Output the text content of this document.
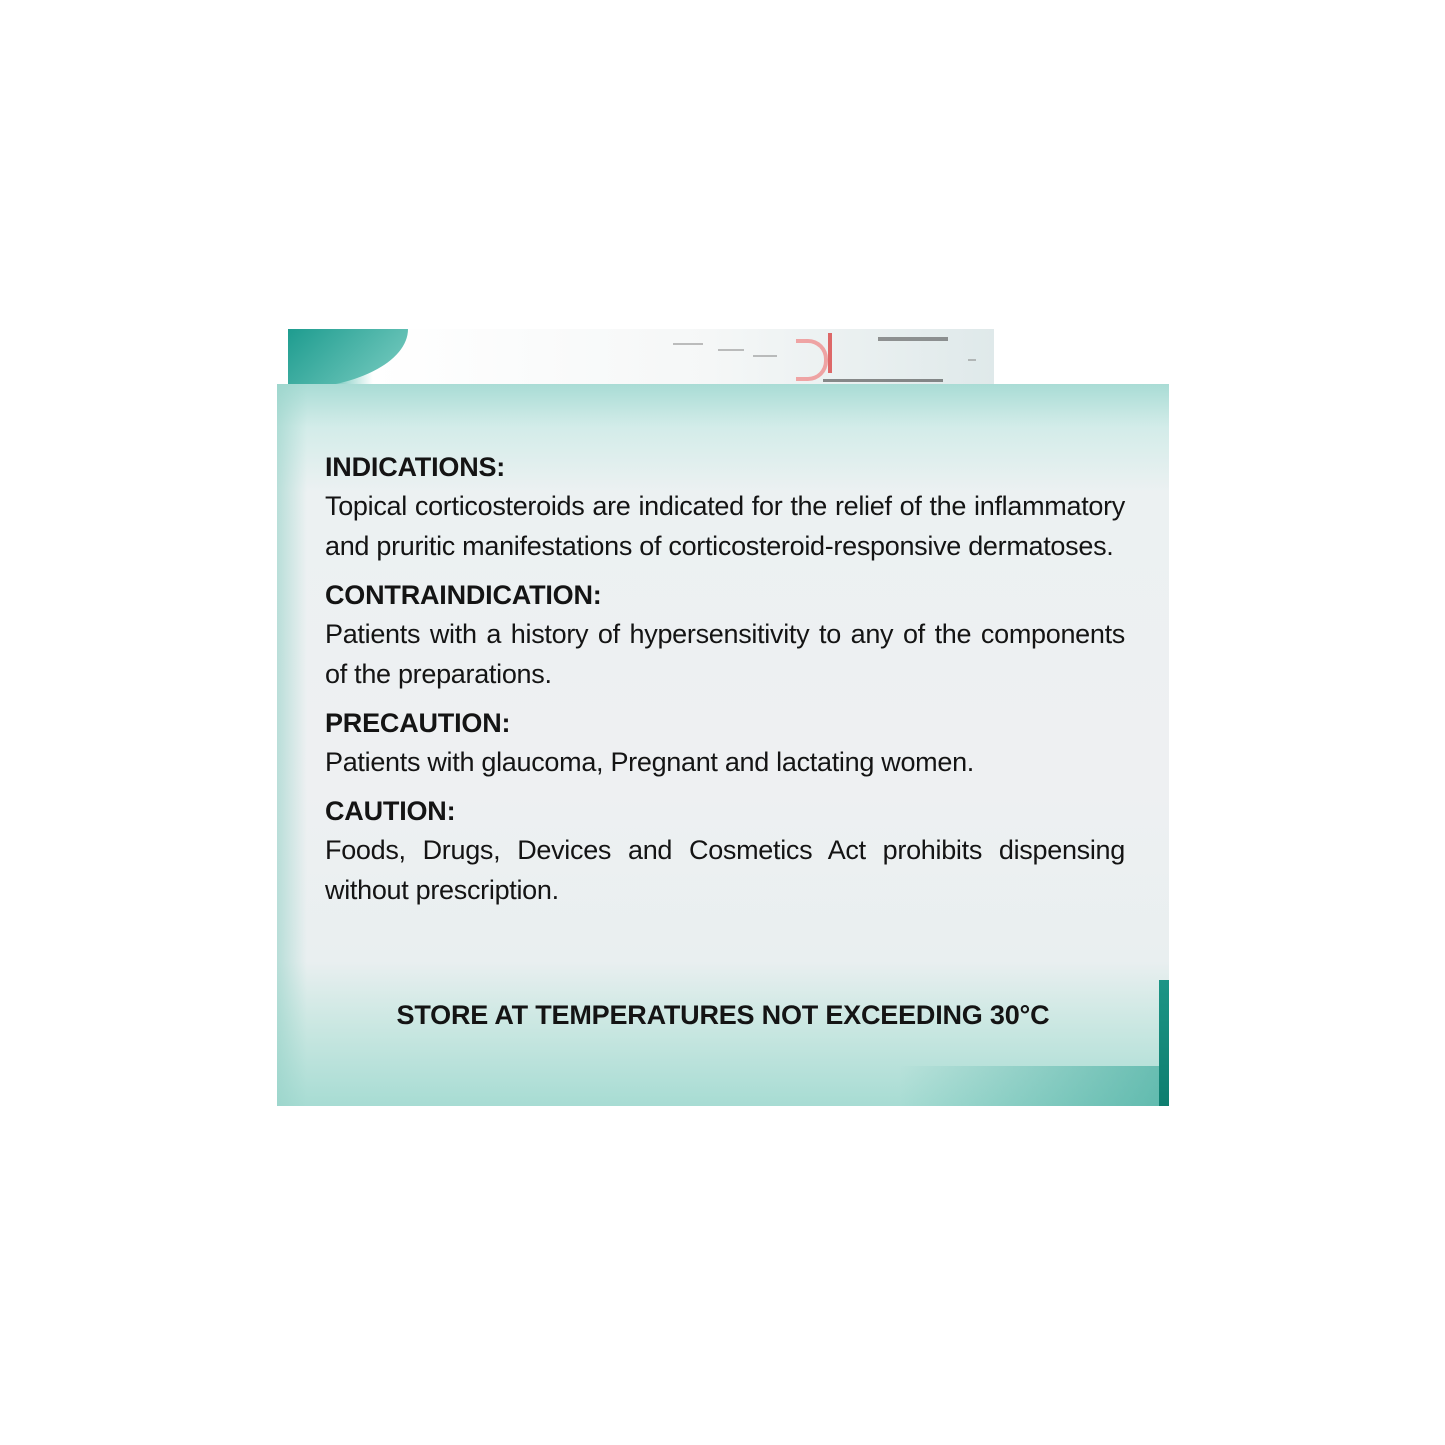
INDICATIONS:

Topical corticosteroids are indicated for the relief of the inflammatory and pruritic manifestations of corticosteroid-responsive dermatoses.

CONTRAINDICATION:

Patients with a history of hypersensitivity to any of the components of the preparations.

PRECAUTION:

Patients with glaucoma, Pregnant and lactating women.

CAUTION:

Foods, Drugs, Devices and Cosmetics Act prohibits dispensing without prescription.

STORE AT TEMPERATURES NOT EXCEEDING 30°C
